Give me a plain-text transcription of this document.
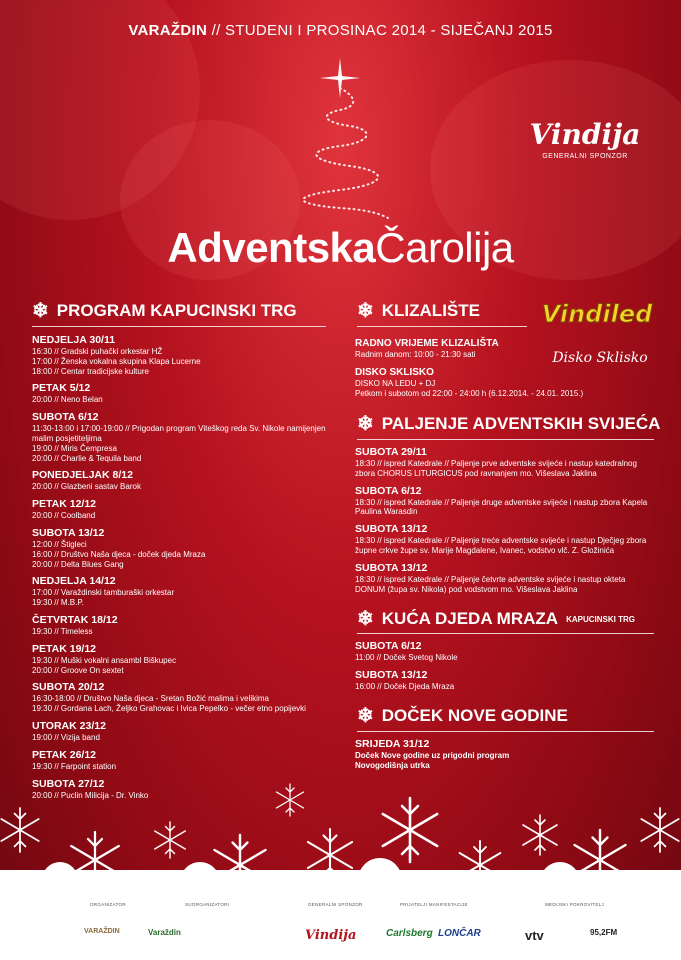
VARAŽDIN // STUDENI I PROSINAC 2014 - SIJEČANJ 2015
Vindija
GENERALNI SPONZOR
AdventskaČarolija
❄ PROGRAM KAPUCINSKI TRG
NEDJELJA 30/11
16:30 // Gradski puhački orkestar HŽ
17:00 // Ženska vokalna skupina Klapa Lucerne
18:00 // Centar tradicijske kulture
PETAK 5/12
20:00 // Neno Belan
SUBOTA 6/12
11:30-13:00 i 17:00-19:00 // Prigodan program Viteškog reda Sv. Nikole namijenjen malim posjetiteljima
19:00 // Miris Čempresa
20:00 // Charlie & Tequila band
PONEDJELJAK 8/12
20:00 // Glazbeni sastav Barok
PETAK 12/12
20:00 // Coolband
SUBOTA 13/12
12:00 // Štigleci
16:00 // Društvo Naša djeca - doček djeda Mraza
20:00 // Delta Blues Gang
NEDJELJA 14/12
17:00 // Varaždinski tamburaški orkestar
19:30 // M.B.P.
ČETVRTAK 18/12
19:30 // Timeless
PETAK 19/12
19:30 // Muški vokalni ansambl Biškupec
20:00 // Groove On sextet
SUBOTA 20/12
16:30-18:00 // Društvo Naša djeca - Sretan Božić malima i velikima
19:30 // Gordana Lach, Željko Grahovac i Ivica Pepelko - večer etno popijevki
UTORAK 23/12
19:00 // Vizija band
PETAK 26/12
19:30 // Farpoint station
SUBOTA 27/12
20:00 // Puclin Milicija - Dr. Vinko
❄ KLIZALIŠTE	Vindiled
Disko Sklisko
RADNO VRIJEME KLIZALIŠTA
Radnim danom: 10:00 - 21:30 sati
DISKO SKLISKO
DISKO NA LEDU + DJ
Petkom i subotom od 22:00 - 24:00 h (6.12.2014. - 24.01. 2015.)
❄ PALJENJE ADVENTSKIH SVIJEĆA
SUBOTA 29/11
18:30 // ispred Katedrale // Paljenje prve adventske svijeće i nastup katedralnog zbora CHORUS LITURGICUS pod ravnanjem mo. Višeslava Jaklina
SUBOTA 6/12
18:30 // ispred Katedrale // Paljenje druge adventske svijeće i nastup zbora Kapela Paulina Warasdin
SUBOTA 13/12
18:30 // ispred Katedrale // Paljenje treće adventske svijeće i nastup Dječjeg zbora župne crkve župe sv. Marije Magdalene, Ivanec, vodstvo vlč. Z. Gložinića
SUBOTA 13/12
18:30 // ispred Katedrale // Paljenje četvrte adventske svijeće i nastup okteta DONUM (župa sv. Nikola) pod vodstvom mo. Višeslava Jaklina
❄ KUĆA DJEDA MRAZA KAPUCINSKI TRG
SUBOTA 6/12
11:00 // Doček Svetog Nikole
SUBOTA 13/12
16:00 // Doček Djeda Mraza
❄ DOČEK NOVE GODINE
SRIJEDA 31/12
Doček Nove godine uz prigodni program
Novogodišnja utrka
ORGANIZATOR	SUORGANIZATORI	GENERALNI SPONZOR	PRIJATELJI MANIFESTACIJE	MEDIJSKI POKROVITELJ
VARAŽDIN	Varaždin	Vindija	Carlsberg LONČAR	vtv	95,2FM
